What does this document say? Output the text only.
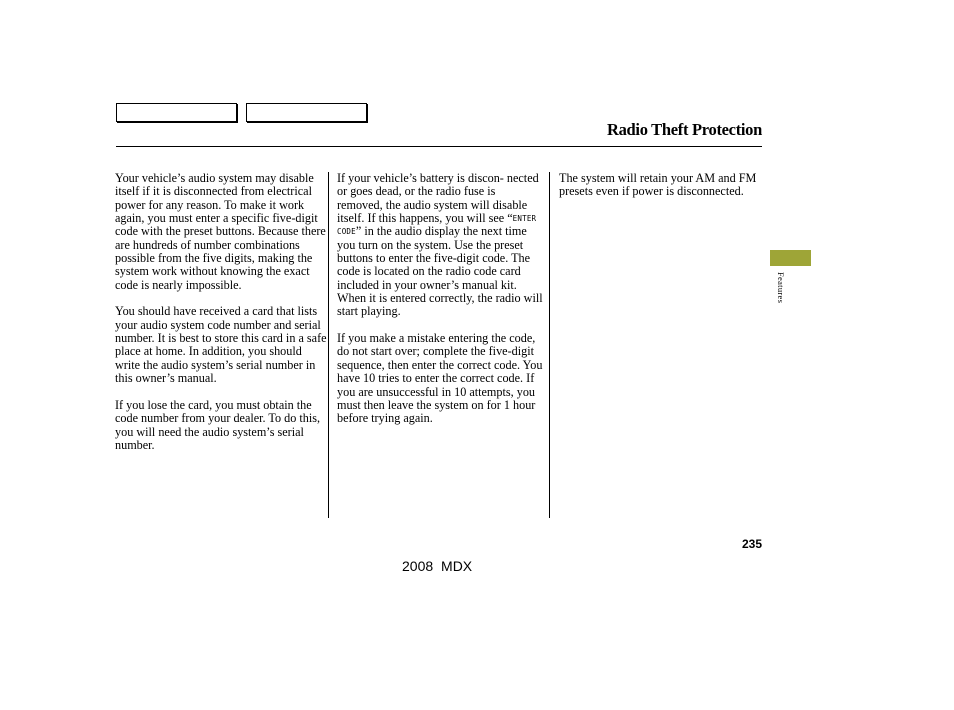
Radio Theft Protection

Your vehicle’s audio system may disable itself if it is disconnected from electrical power for any reason. To make it work again, you must enter a specific five-digit code with the preset buttons. Because there are hundreds of number combinations possible from the five digits, making the system work without knowing the exact code is nearly impossible.

You should have received a card that lists your audio system code number and serial number. It is best to store this card in a safe place at home. In addition, you should write the audio system’s serial number in this owner’s manual.

If you lose the card, you must obtain the code number from your dealer. To do this, you will need the audio system’s serial number.

If your vehicle’s battery is discon- nected or goes dead, or the radio fuse is removed, the audio system will disable itself. If this happens, you will see “ENTER CODE” in the audio display the next time you turn on the system. Use the preset buttons to enter the five-digit code. The code is located on the radio code card included in your owner’s manual kit. When it is entered correctly, the radio will start playing.

If you make a mistake entering the code, do not start over; complete the five-digit sequence, then enter the correct code. You have 10 tries to enter the correct code. If you are unsuccessful in 10 attempts, you must then leave the system on for 1 hour before trying again.

The system will retain your AM and FM presets even if power is disconnected.

Features
235
2008 MDX
